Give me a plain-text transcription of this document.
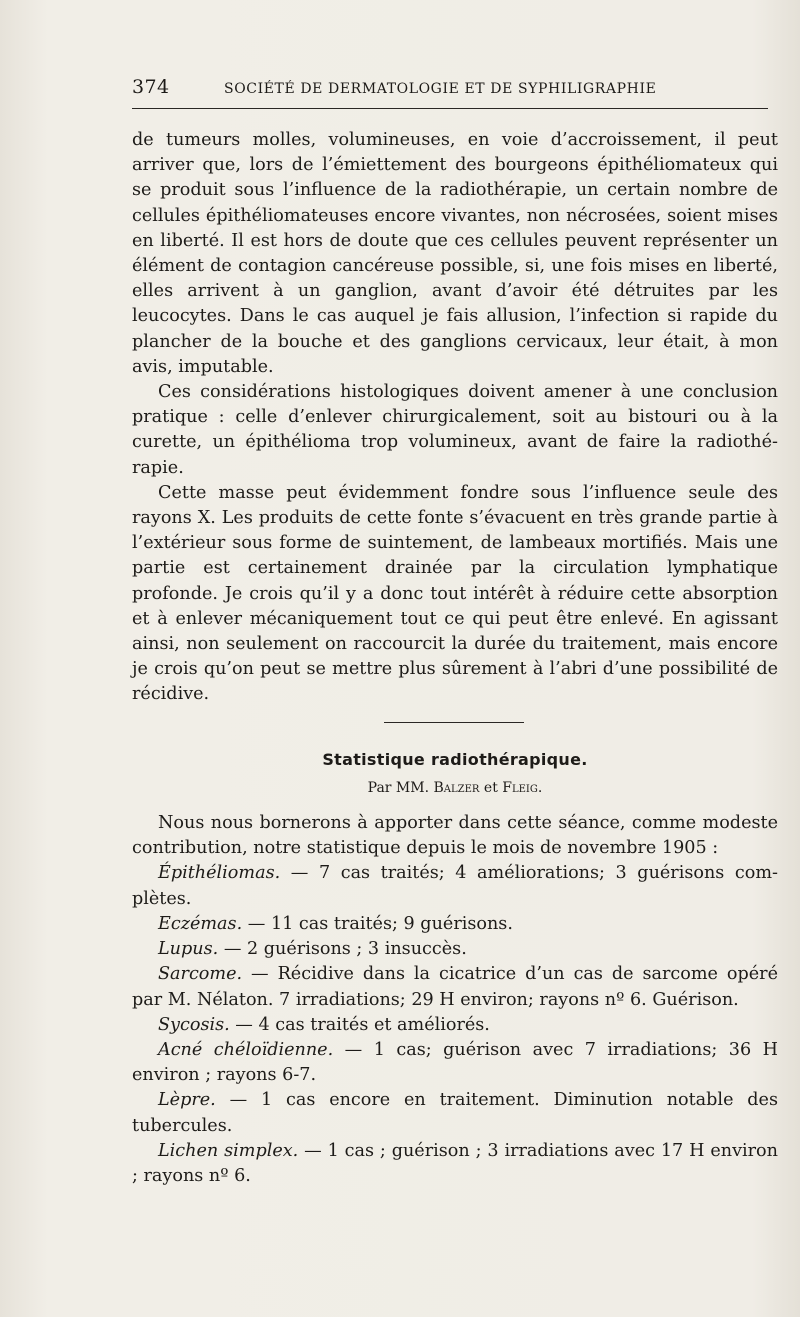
374	SOCIÉTÉ DE DERMATOLOGIE ET DE SYPHILIGRAPHIE

de tumeurs molles, volumineuses, en voie d’accroissement, il peut arriver que, lors de l’émiettement des bourgeons épithéliomateux qui se produit sous l’influence de la radiothérapie, un certain nombre de cellules épithéliomateuses encore vivantes, non nécrosées, soient mises en liberté. Il est hors de doute que ces cellules peuvent représenter un élément de contagion cancéreuse possible, si, une fois mises en liberté, elles arrivent à un ganglion, avant d’avoir été détruites par les leucocytes. Dans le cas auquel je fais allusion, l’infection si rapide du plancher de la bouche et des ganglions cervicaux, leur était, à mon avis, imputable.

Ces considérations histologiques doivent amener à une conclusion pratique : celle d’enlever chirurgicalement, soit au bistouri ou à la curette, un épithélioma trop volumineux, avant de faire la radiothérapie.

Cette masse peut évidemment fondre sous l’influence seule des rayons X. Les produits de cette fonte s’évacuent en très grande partie à l’extérieur sous forme de suintement, de lambeaux mortifiés. Mais une partie est certainement drainée par la circulation lymphatique profonde. Je crois qu’il y a donc tout intérêt à réduire cette absorption et à enlever mécaniquement tout ce qui peut être enlevé. En agissant ainsi, non seulement on raccourcit la durée du traitement, mais encore je crois qu’on peut se mettre plus sûrement à l’abri d’une possibilité de récidive.

Statistique radiothérapique.
Par MM. Balzer et Fleig.

Nous nous bornerons à apporter dans cette séance, comme modeste contribution, notre statistique depuis le mois de novembre 1905 :

Épithéliomas. — 7 cas traités; 4 améliorations; 3 guérisons complètes.

Eczémas. — 11 cas traités; 9 guérisons.

Lupus. — 2 guérisons ; 3 insuccès.

Sarcome. — Récidive dans la cicatrice d’un cas de sarcome opéré par M. Nélaton. 7 irradiations; 29 H environ; rayons nº 6. Guérison.

Sycosis. — 4 cas traités et améliorés.

Acné chéloïdienne. — 1 cas; guérison avec 7 irradiations; 36 H environ ; rayons 6-7.

Lèpre. — 1 cas encore en traitement. Diminution notable des tubercules.

Lichen simplex. — 1 cas ; guérison ; 3 irradiations avec 17 H environ ; rayons nº 6.
